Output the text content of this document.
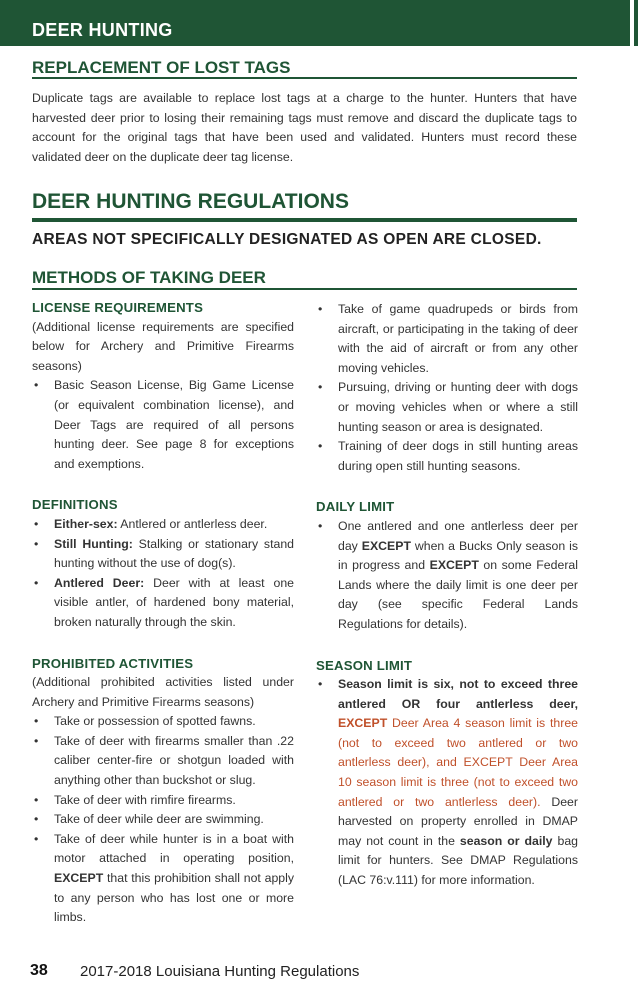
DEER HUNTING
REPLACEMENT OF LOST TAGS
Duplicate tags are available to replace lost tags at a charge to the hunter. Hunters that have harvested deer prior to losing their remaining tags must remove and discard the duplicate tags to account for the original tags that have been used and validated. Hunters must record these validated deer on the duplicate deer tag license.
DEER HUNTING REGULATIONS
AREAS NOT SPECIFICALLY DESIGNATED AS OPEN ARE CLOSED.
METHODS OF TAKING DEER
LICENSE REQUIREMENTS

(Additional license requirements are specified below for Archery and Primitive Firearms seasons)

• Basic Season License, Big Game License (or equivalent combination license), and Deer Tags are required of all persons hunting deer. See page 8 for exceptions and exemptions.
DEFINITIONS
• Either-sex: Antlered or antlerless deer.
• Still Hunting: Stalking or stationary stand hunting without the use of dog(s).
• Antlered Deer: Deer with at least one visible antler, of hardened bony material, broken naturally through the skin.
PROHIBITED ACTIVITIES

(Additional prohibited activities listed under Archery and Primitive Firearms seasons)

• Take or possession of spotted fawns.
• Take of deer with firearms smaller than .22 caliber center-fire or shotgun loaded with anything other than buckshot or slug.
• Take of deer with rimfire firearms.
• Take of deer while deer are swimming.
• Take of deer while hunter is in a boat with motor attached in operating position, EXCEPT that this prohibition shall not apply to any person who has lost one or more limbs.
• Take of game quadrupeds or birds from aircraft, or participating in the taking of deer with the aid of aircraft or from any other moving vehicles.
• Pursuing, driving or hunting deer with dogs or moving vehicles when or where a still hunting season or area is designated.
• Training of deer dogs in still hunting areas during open still hunting seasons.
DAILY LIMIT
• One antlered and one antlerless deer per day EXCEPT when a Bucks Only season is in progress and EXCEPT on some Federal Lands where the daily limit is one deer per day (see specific Federal Lands Regulations for details).
SEASON LIMIT
• Season limit is six, not to exceed three antlered OR four antlerless deer, EXCEPT Deer Area 4 season limit is three (not to exceed two antlered or two antlerless deer), and EXCEPT Deer Area 10 season limit is three (not to exceed two antlered or two antlerless deer). Deer harvested on property enrolled in DMAP may not count in the season or daily bag limit for hunters. See DMAP Regulations (LAC 76:v.111) for more information.
38 2017-2018 Louisiana Hunting Regulations
